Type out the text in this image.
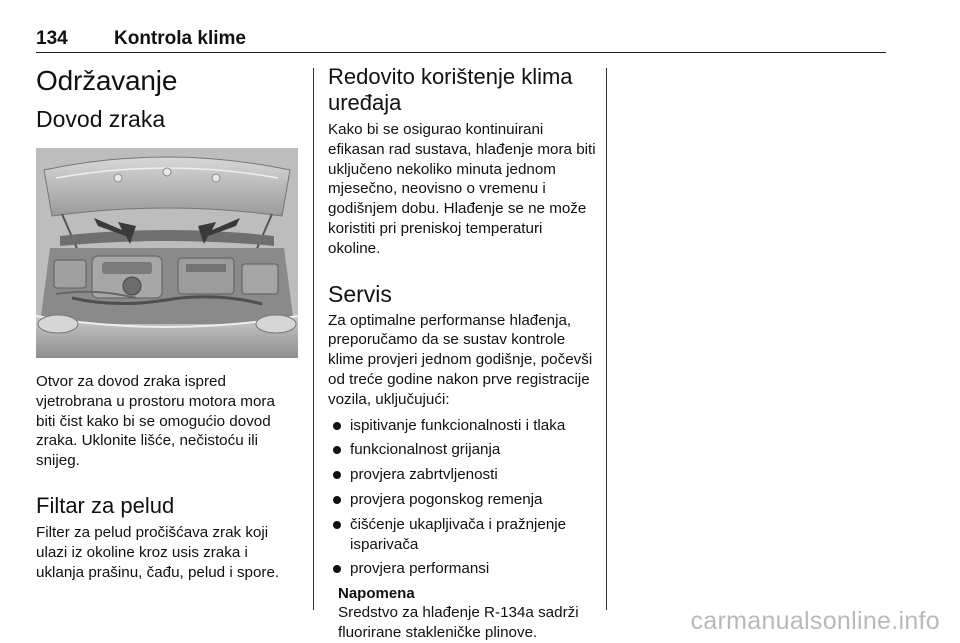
134 Kontrola klime
Održavanje
Dovod zraka

Otvor za dovod zraka ispred vjetrobrana u prostoru motora mora biti čist kako bi se omogućio dovod zraka. Uklonite lišće, nečistoću ili snijeg.

Filtar za pelud

Filter za pelud pročišćava zrak koji ulazi iz okoline kroz usis zraka i uklanja prašinu, čađu, pelud i spore.

Redovito korištenje klima uređaja

Kako bi se osigurao kontinuirani efikasan rad sustava, hlađenje mora biti uključeno nekoliko minuta jednom mjesečno, neovisno o vremenu i godišnjem dobu. Hlađenje se ne može koristiti pri preniskoj temperaturi okoline.

Servis

Za optimalne performanse hlađenja, preporučamo da se sustav kontrole klime provjeri jednom godišnje, počevši od treće godine nakon prve registracije vozila, uključujući:

ispitivanje funkcionalnosti i tlaka
funkcionalnost grijanja
provjera zabrtvljenosti
provjera pogonskog remenja
čišćenje ukapljivača i pražnjenje isparivača
provjera performansi
Napomena

Sredstvo za hlađenje R-134a sadrži fluorirane stakleničke plinove.	carmanualsonline.info
